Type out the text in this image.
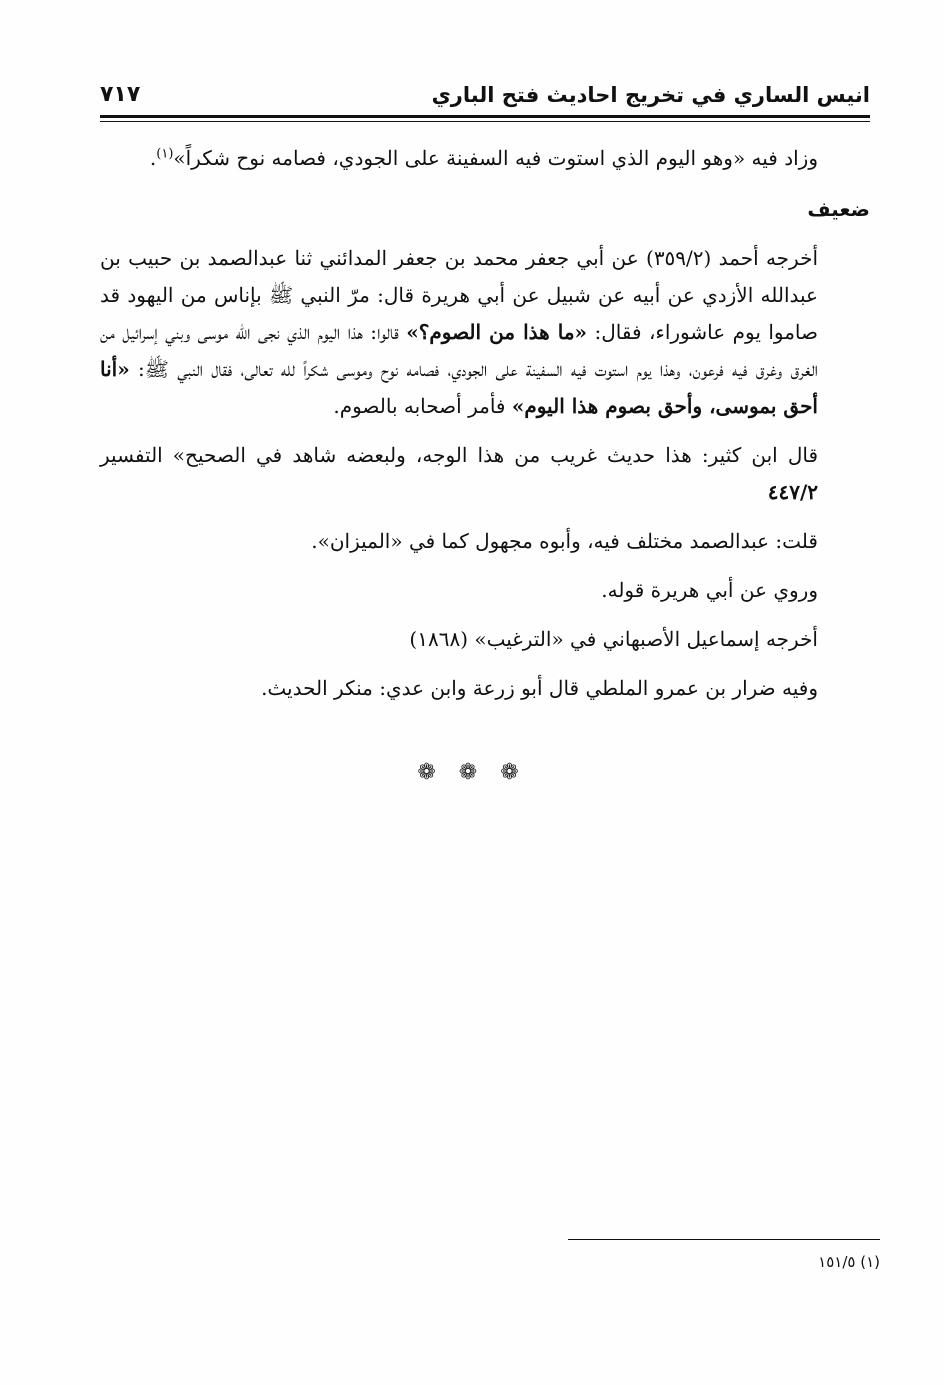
انيس الساري في تخريج احاديث فتح الباري
٧١٧

وزاد فيه «وهو اليوم الذي استوت فيه السفينة على الجودي، فصامه نوح شكراً»$^{(١)}$.

ضعيف

أخرجه أحمد (٣٥٩/٢) عن أبي جعفر محمد بن جعفر المدائني ثنا عبدالصمد بن حبيب بن عبدالله الأزدي عن أبيه عن شبيل عن أبي هريرة قال: مرّ النبي ﷺ بإناس من اليهود قد صاموا يوم عاشوراء، فقال: «ما هذا من الصوم؟» قالوا: هذا اليوم الذي نجى الله موسى وبني إسرائيل من الغرق وغرق فيه فرعون، وهذا يوم استوت فيه السفينة على الجودي، فصامه نوح وموسى شكراً لله تعالى، فقال النبي ﷺ: «أنا أحق بموسى، وأحق بصوم هذا اليوم» فأمر أصحابه بالصوم.

قال ابن كثير: هذا حديث غريب من هذا الوجه، ولبعضه شاهد في الصحيح» التفسير ٤٤٧/٢

قلت: عبدالصمد مختلف فيه، وأبوه مجهول كما في «الميزان».

وروي عن أبي هريرة قوله.

أخرجه إسماعيل الأصبهاني في «الترغيب» (١٨٦٨)

وفيه ضرار بن عمرو الملطي قال أبو زرعة وابن عدي: منكر الحديث.

❁ ❁ ❁
(١) ١٥١/٥
